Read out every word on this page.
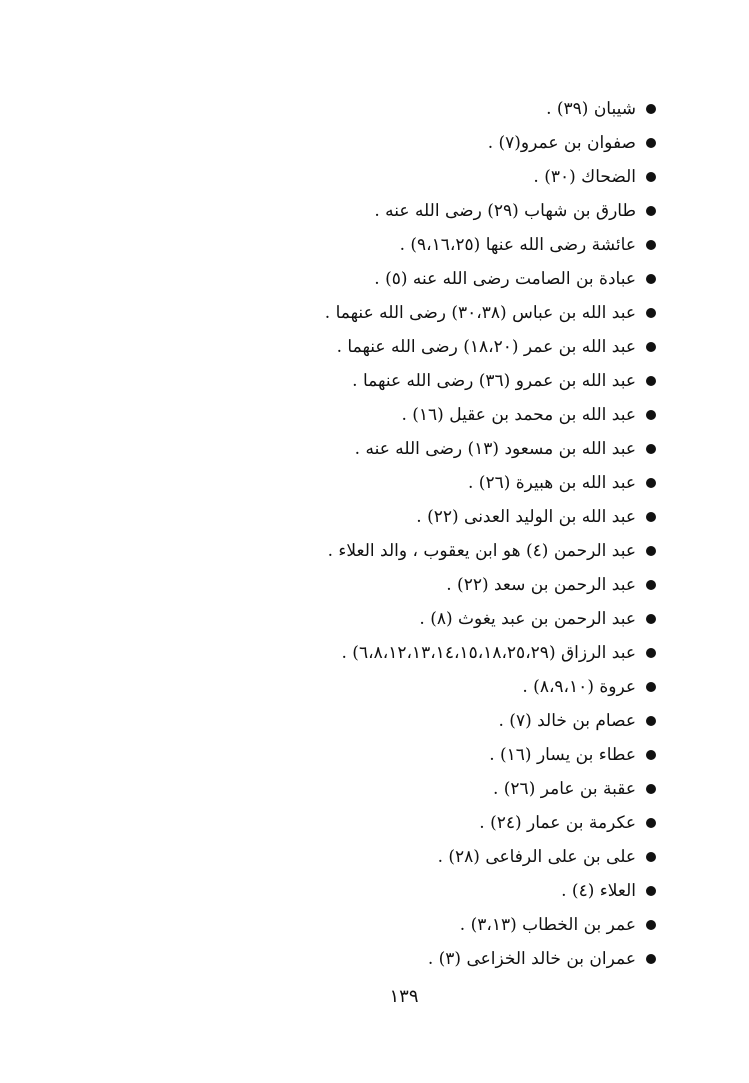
شيبان (٣٩) .
صفوان بن عمرو(٧) .
الضحاك (٣٠) .
طارق بن شهاب (٢٩) رضى الله عنه .
عائشة رضى الله عنها (٩،١٦،٢٥) .
عبادة بن الصامت رضى الله عنه (٥) .
عبد الله بن عباس (٣٠،٣٨) رضى الله عنهما .
عبد الله بن عمر (١٨،٢٠) رضى الله عنهما .
عبد الله بن عمرو (٣٦) رضى الله عنهما .
عبد الله بن محمد بن عقيل (١٦) .
عبد الله بن مسعود (١٣) رضى الله عنه .
عبد الله بن هبيرة (٢٦) .
عبد الله بن الوليد العدنى (٢٢) .
عبد الرحمن (٤) هو ابن يعقوب ، والد العلاء .
عبد الرحمن بن سعد (٢٢) .
عبد الرحمن بن عبد يغوث (٨) .
عبد الرزاق (٦،٨،١٢،١٣،١٤،١٥،١٨،٢٥،٢٩) .
عروة (٨،٩،١٠) .
عصام بن خالد (٧) .
عطاء بن يسار (١٦) .
عقبة بن عامر (٢٦) .
عكرمة بن عمار (٢٤) .
على بن على الرفاعى (٢٨) .
العلاء (٤) .
عمر بن الخطاب (٣،١٣) .
عمران بن خالد الخزاعى (٣) .
١٣٩
